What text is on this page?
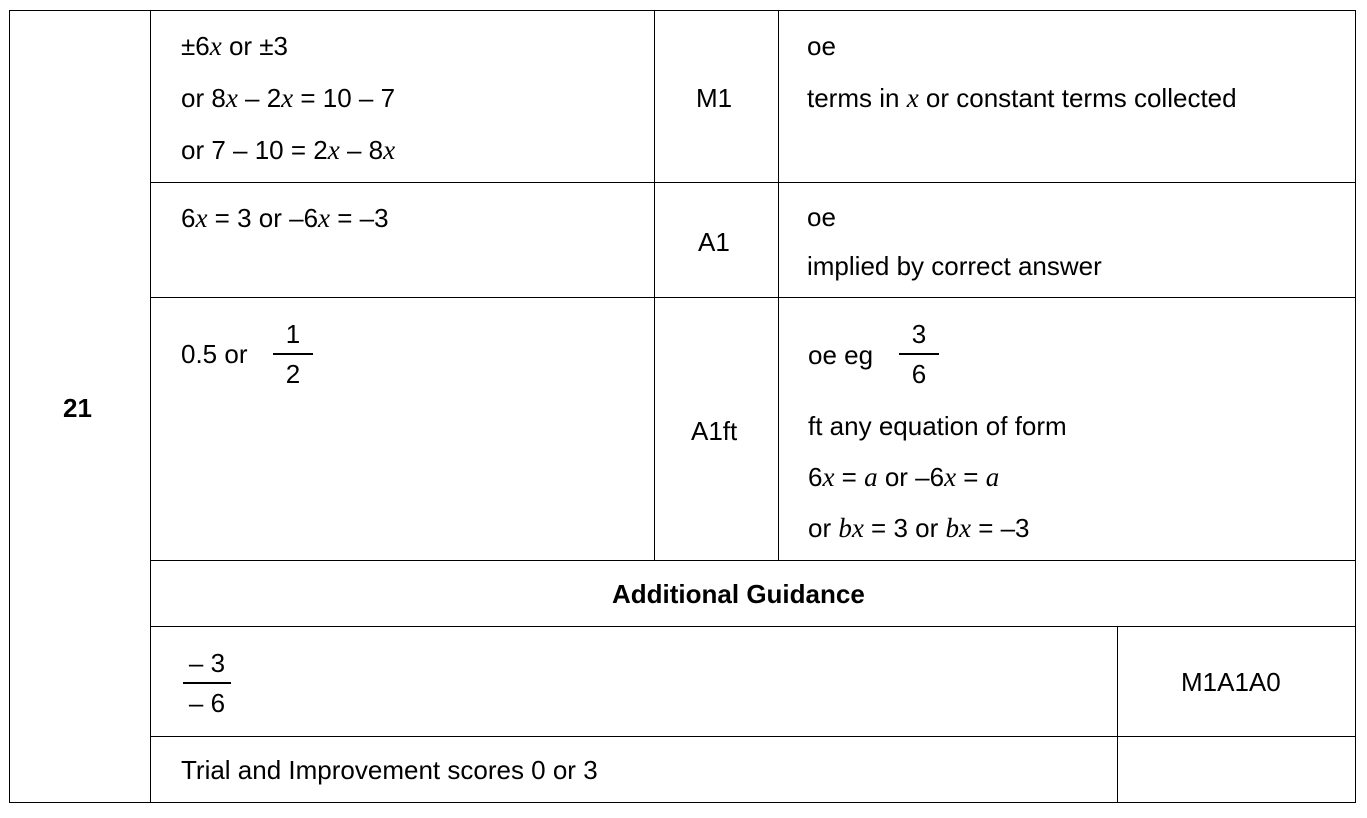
21
±6x or ±3
or 8x – 2x = 10 – 7
or 7 – 10 = 2x – 8x
M1
oe
terms in x or constant terms collected
6x = 3 or –6x = –3
A1
oe
implied by correct answer
0.5 or
1
2
A1ft
oe eg
3
6
ft any equation of form
6x = a or –6x = a
or bx = 3 or bx = –3
Additional Guidance
– 3
– 6
M1A1A0
Trial and Improvement scores 0 or 3
